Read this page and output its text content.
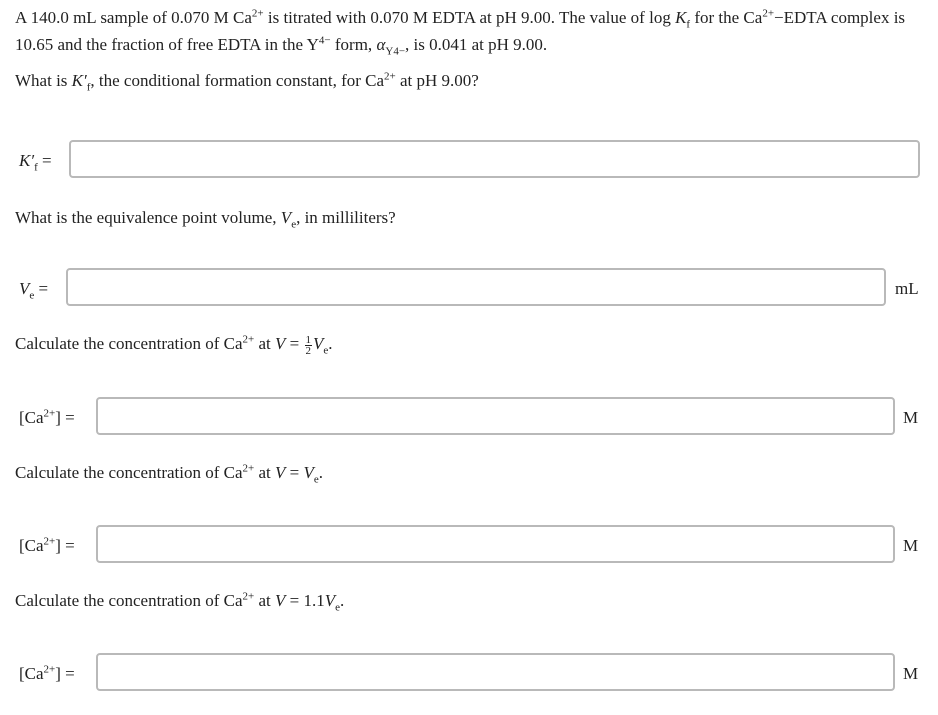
A 140.0 mL sample of 0.070 M $Ca^{2+}$ is titrated with 0.070 M EDTA at pH 9.00. The value of $\log K_f$ for the $Ca^{2+}-EDTA$ complex is 10.65 and the fraction of free EDTA in the $Y^{4-}$ form, $\alpha_{Y4-}$, is 0.041 at pH 9.00.

What is $K'_f$, the conditional formation constant, for $Ca^{2+}$ at pH 9.00?

$K'_f$ =
What is the equivalence point volume, $V_e$, in milliliters?
$V_e$ =	mL
Calculate the concentration of $Ca^{2+}$ at $V = \frac{1}{2} V_e$.
$[Ca^{2+}]$ =	M
Calculate the concentration of $Ca^{2+}$ at $V = V_e$.
$[Ca^{2+}]$ =	M
Calculate the concentration of $Ca^{2+}$ at $V = 1.1V_e$.
$[Ca^{2+}]$ =	M
